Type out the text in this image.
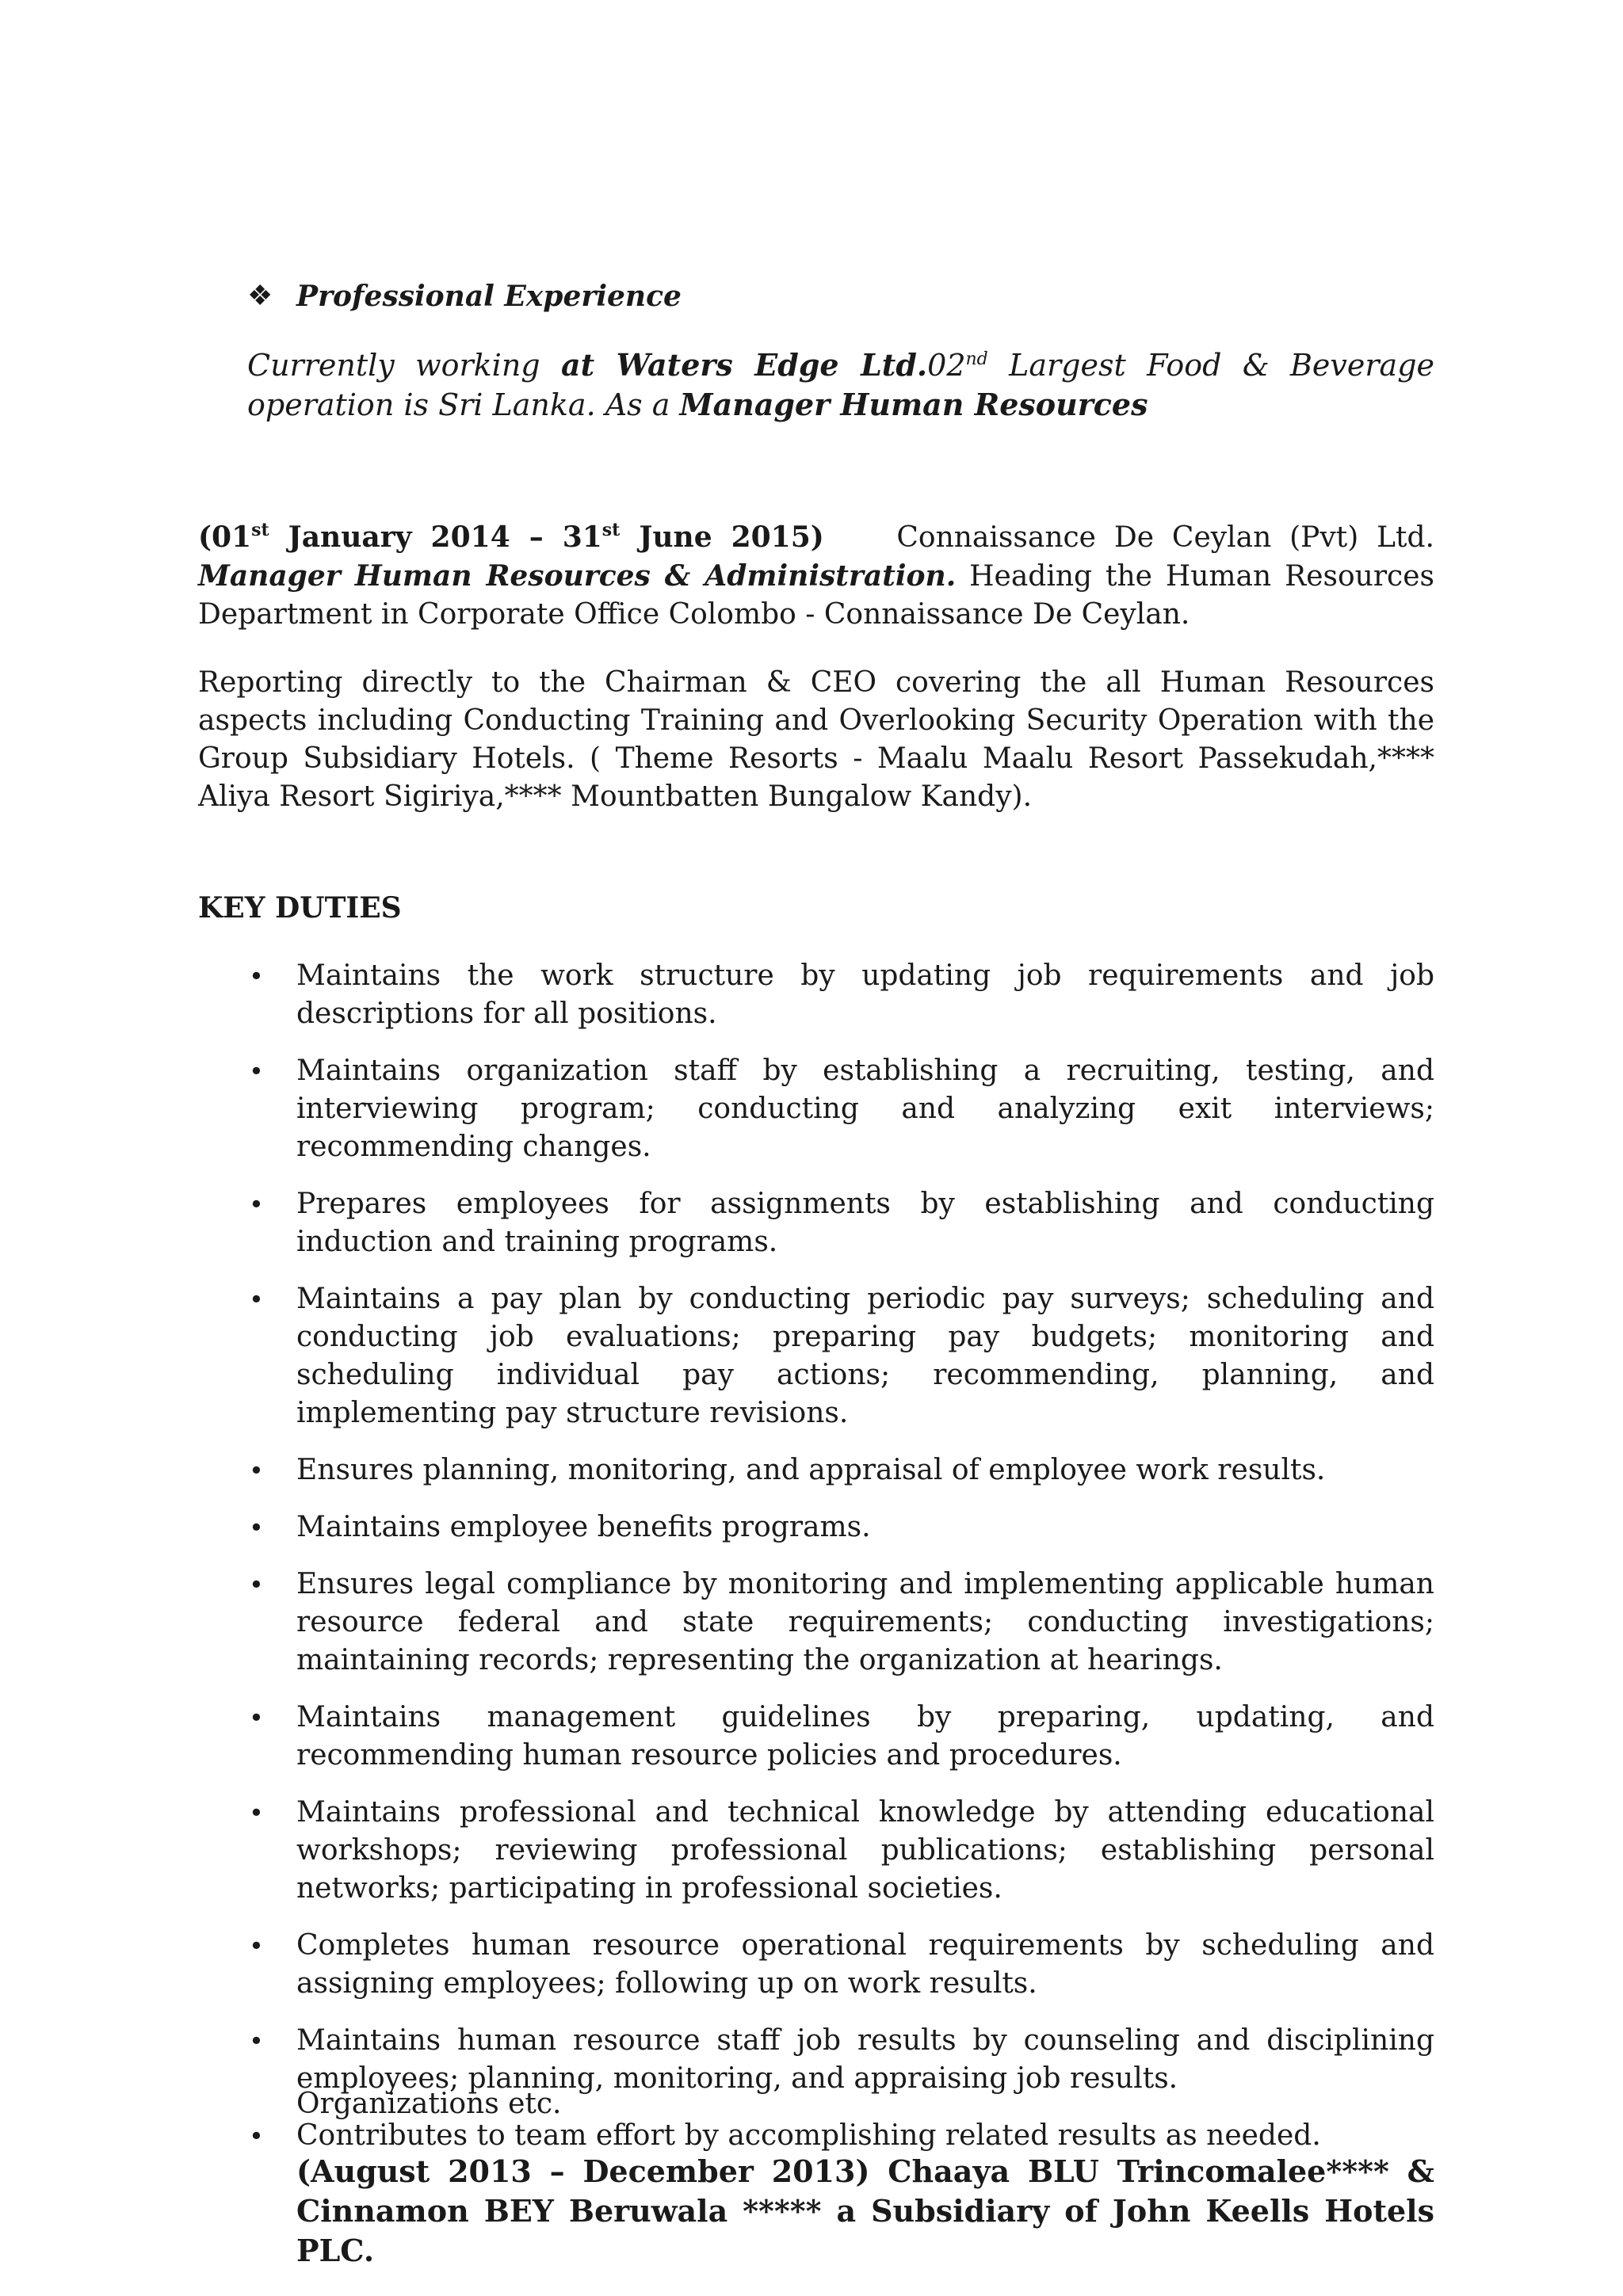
❖ Professional Experience
Currently working at Waters Edge Ltd.02nd Largest Food & Beverage operation is Sri Lanka. As a Manager Human Resources
(01st January 2014 – 31st June 2015)	Connaissance De Ceylan (Pvt) Ltd. Manager Human Resources & Administration. Heading the Human Resources Department in Corporate Office Colombo - Connaissance De Ceylan.
Reporting directly to the Chairman & CEO covering the all Human Resources aspects including Conducting Training and Overlooking Security Operation with the Group Subsidiary Hotels. ( Theme Resorts - Maalu Maalu Resort Passekudah,**** Aliya Resort Sigiriya,**** Mountbatten Bungalow Kandy).
KEY DUTIES
• Maintains the work structure by updating job requirements and job descriptions for all positions.
• Maintains organization staff by establishing a recruiting, testing, and interviewing program; conducting and analyzing exit interviews; recommending changes.
• Prepares employees for assignments by establishing and conducting induction and training programs.
• Maintains a pay plan by conducting periodic pay surveys; scheduling and conducting job evaluations; preparing pay budgets; monitoring and scheduling individual pay actions; recommending, planning, and implementing pay structure revisions.
• Ensures planning, monitoring, and appraisal of employee work results.
• Maintains employee benefits programs.
• Ensures legal compliance by monitoring and implementing applicable human resource federal and state requirements; conducting investigations; maintaining records; representing the organization at hearings.
• Maintains management guidelines by preparing, updating, and recommending human resource policies and procedures.
• Maintains professional and technical knowledge by attending educational workshops; reviewing professional publications; establishing personal networks; participating in professional societies.
• Completes human resource operational requirements by scheduling and assigning employees; following up on work results.
• Maintains human resource staff job results by counseling and disciplining employees; planning, monitoring, and appraising job results.
• Contributes to team effort by accomplishing related results as needed.
Organizations etc.
(August 2013 – December 2013) Chaaya BLU Trincomalee**** & Cinnamon BEY Beruwala ***** a Subsidiary of John Keells Hotels PLC.
